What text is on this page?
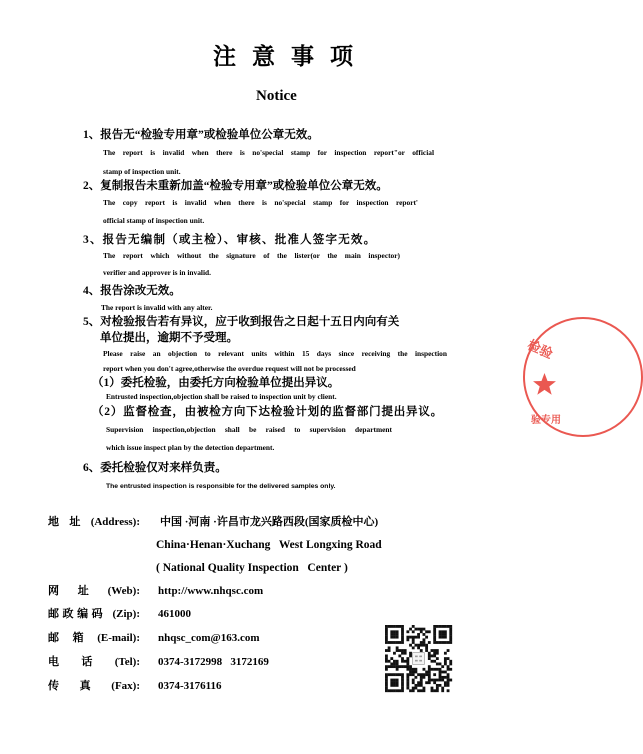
注 意 事 项
Notice
1、报告无“检验专用章”或检验单位公章无效。
The report is invalid when there is no'special stamp for inspection report"or official
stamp of inspection unit.
2、复制报告未重新加盖“检验专用章”或检验单位公章无效。
The copy report is invalid when there is no'special stamp for inspection report'
official stamp of inspection unit.
3、报告无编制（或主检）、审核、批准人签字无效。
The report which without the signature of the lister(or the main inspector)
verifier and approver is in invalid.
4、报告涂改无效。
The report is invalid with any alter.
5、对检验报告若有异议，应于收到报告之日起十五日内向有关
单位提出，逾期不予受理。
Please raise an objection to relevant units within 15 days since receiving the inspection
report when you don't agree,otherwise the overdue request will not be processed
（1）委托检验，由委托方向检验单位提出异议。
Entrusted inspection,objection shall be raised to inspection unit by client.
（2）监督检查，由被检方向下达检验计划的监督部门提出异议。
Supervision inspection,objection shall be raised to supervision department
which issue inspect plan by the detection department.
6、委托检验仅对来样负责。
The entrusted inspection is responsible for the delivered samples only.
地 址 (Address): 中国 ·河南 ·许昌市龙兴路西段(国家质检中心)
China·Henan·Xuchang   West Longxing Road
( National Quality Inspection   Center )
网 址 (Web): http://www.nhqsc.com
邮政编码 (Zip): 461000
邮 箱 (E-mail): nhqsc_com@163.com
电 话 (Tel): 0374-3172998   3172169
传 真 (Fax): 0374-3176116
检验
验专用
